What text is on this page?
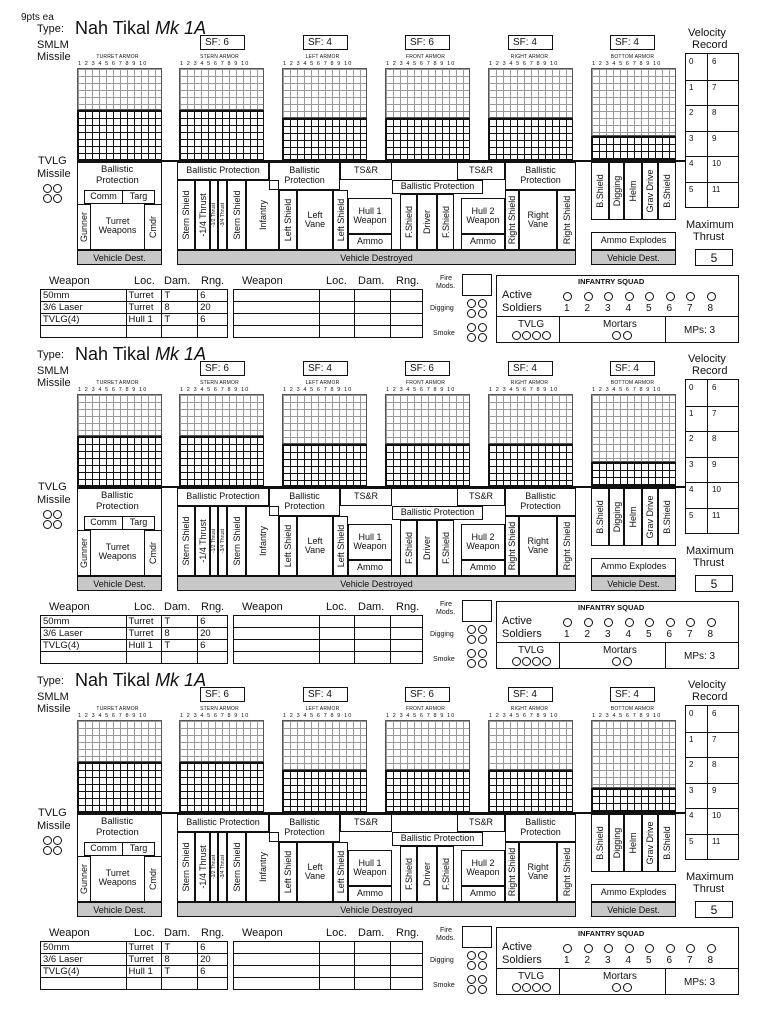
9pts ea
Type: Nah Tikal Mk 1A
SMLM
Missile
TVLG
Missile
SF: 6
TURRET ARMOR
1 2 3 4 5 6 7 8 9 10
SF: 4
STERN ARMOR
1 2 3 4 5 6 7 8 9 10
SF: 6
LEFT ARMOR
1 2 3 4 5 6 7 8 9 10
SF: 4
FRONT ARMOR
1 2 3 4 5 6 7 8 9 10
SF: 4
RIGHT ARMOR
1 2 3 4 5 6 7 8 9 10
BOTTOM ARMOR
1 2 3 4 5 6 7 8 9 10
Velocity
Record
0 6
1 7
2 8
3 9
4 10
5 11
Maximum
Thrust
5
Ballistic
Protection
Comm	Targ
Gunner	Turret
Weapons Cmdr
Vehicle Dest.
Ballistic Protection	Ballistic
Protection
TS&R
Ballistic Protection
TS&R	Ballistic
Protection
Stern Shield -1/4 Thrust -1/2 Thrust -3/4 Thrust Stern Shield Infantry Left Shield Left
Vane Left Shield	Hull 1
Weapon
Ammo
F.Shield Driver F.Shield	Hull 2
Weapon
Ammo	Right Shield Right
Vane Right Shield
Vehicle Destroyed
B.Shield Digging Helm Grav Drive B.Shield
Ammo Explodes
Vehicle Dest.
Weapon	Loc. Dam. Rng. Weapon	Loc. Dam. Rng.
50mm	Turret	T	6
3/6 Laser	Turret	8	20
TVLG(4)	Hull 1	T	6

Fire
Mods.
Digging
Smoke
INFANTRY SQUAD
Active
Soldiers 1 2 3 4 5 6 7 8
TVLG	Mortars
MPs: 3
Type: Nah Tikal Mk 1A
SMLM
Missile
TVLG
Missile
SF: 6
TURRET ARMOR
1 2 3 4 5 6 7 8 9 10
SF: 4
STERN ARMOR
1 2 3 4 5 6 7 8 9 10
SF: 6
LEFT ARMOR
1 2 3 4 5 6 7 8 9 10
SF: 4
FRONT ARMOR
1 2 3 4 5 6 7 8 9 10
SF: 4
RIGHT ARMOR
1 2 3 4 5 6 7 8 9 10
BOTTOM ARMOR
1 2 3 4 5 6 7 8 9 10
Velocity
Record
0 6
1 7
2 8
3 9
4 10
5 11
Maximum
Thrust
5
Ballistic
Protection
Comm	Targ
Gunner	Turret
Weapons Cmdr
Vehicle Dest.
Ballistic Protection	Ballistic
Protection
TS&R
Ballistic Protection
TS&R	Ballistic
Protection
Stern Shield -1/4 Thrust -1/2 Thrust -3/4 Thrust Stern Shield Infantry Left Shield Left
Vane Left Shield	Hull 1
Weapon
Ammo
F.Shield Driver F.Shield	Hull 2
Weapon
Ammo	Right Shield Right
Vane Right Shield
Vehicle Destroyed
B.Shield Digging Helm Grav Drive B.Shield
Ammo Explodes
Vehicle Dest.
Weapon	Loc. Dam. Rng. Weapon	Loc. Dam. Rng.
50mm	Turret	T	6
3/6 Laser	Turret	8	20
TVLG(4)	Hull 1	T	6

Fire
Mods.
Digging
Smoke
INFANTRY SQUAD
Active
Soldiers 1 2 3 4 5 6 7 8
TVLG	Mortars
MPs: 3
Type: Nah Tikal Mk 1A
SMLM
Missile
TVLG
Missile
SF: 6
TURRET ARMOR
1 2 3 4 5 6 7 8 9 10
SF: 4
STERN ARMOR
1 2 3 4 5 6 7 8 9 10
SF: 6
LEFT ARMOR
1 2 3 4 5 6 7 8 9 10
SF: 4
FRONT ARMOR
1 2 3 4 5 6 7 8 9 10
SF: 4
RIGHT ARMOR
1 2 3 4 5 6 7 8 9 10
BOTTOM ARMOR
1 2 3 4 5 6 7 8 9 10
Velocity
Record
0 6
1 7
2 8
3 9
4 10
5 11
Maximum
Thrust
5
Ballistic
Protection
Comm	Targ
Gunner	Turret
Weapons Cmdr
Vehicle Dest.
Ballistic Protection	Ballistic
Protection
TS&R
Ballistic Protection
TS&R	Ballistic
Protection
Stern Shield -1/4 Thrust -1/2 Thrust -3/4 Thrust Stern Shield Infantry Left Shield Left
Vane Left Shield	Hull 1
Weapon
Ammo
F.Shield Driver F.Shield	Hull 2
Weapon
Ammo	Right Shield Right
Vane Right Shield
Vehicle Destroyed
B.Shield Digging Helm Grav Drive B.Shield
Ammo Explodes
Vehicle Dest.
Weapon	Loc. Dam. Rng. Weapon	Loc. Dam. Rng.
50mm	Turret	T	6
3/6 Laser	Turret	8	20
TVLG(4)	Hull 1	T	6

Fire
Mods.
Digging
Smoke
INFANTRY SQUAD
Active
Soldiers 1 2 3 4 5 6 7 8
TVLG	Mortars
MPs: 3
